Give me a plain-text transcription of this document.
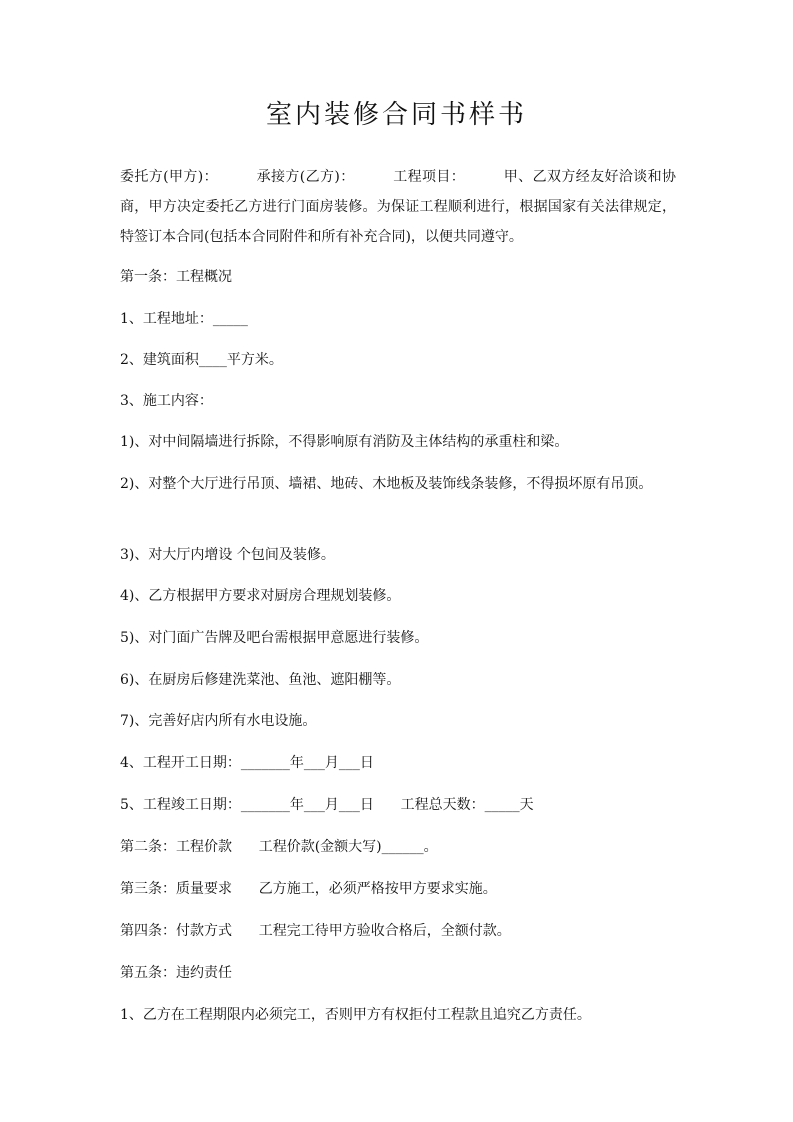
室内装修合同书样书

委托方(甲方)：        承接方(乙方)：        工程项目：        甲、乙双方经友好洽谈和协商，甲方决定委托乙方进行门面房装修。为保证工程顺利进行，根据国家有关法律规定，特签订本合同(包括本合同附件和所有补充合同)，以便共同遵守。

第一条：工程概况

1、工程地址：_____

2、建筑面积____平方米。

3、施工内容：

1)、对中间隔墙进行拆除，不得影响原有消防及主体结构的承重柱和梁。

2)、对整个大厅进行吊顶、墙裙、地砖、木地板及装饰线条装修，不得损坏原有吊顶。

3)、对大厅内增设 个包间及装修。

4)、乙方根据甲方要求对厨房合理规划装修。

5)、对门面广告牌及吧台需根据甲意愿进行装修。

6)、在厨房后修建洗菜池、鱼池、遮阳棚等。

7)、完善好店内所有水电设施。

4、工程开工日期：_______年___月___日

5、工程竣工日期：_______年___月___日      工程总天数：_____天

第二条：工程价款      工程价款(金额大写)______。

第三条：质量要求      乙方施工，必须严格按甲方要求实施。

第四条：付款方式      工程完工待甲方验收合格后，全额付款。

第五条：违约责任

1、乙方在工程期限内必须完工，否则甲方有权拒付工程款且追究乙方责任。
